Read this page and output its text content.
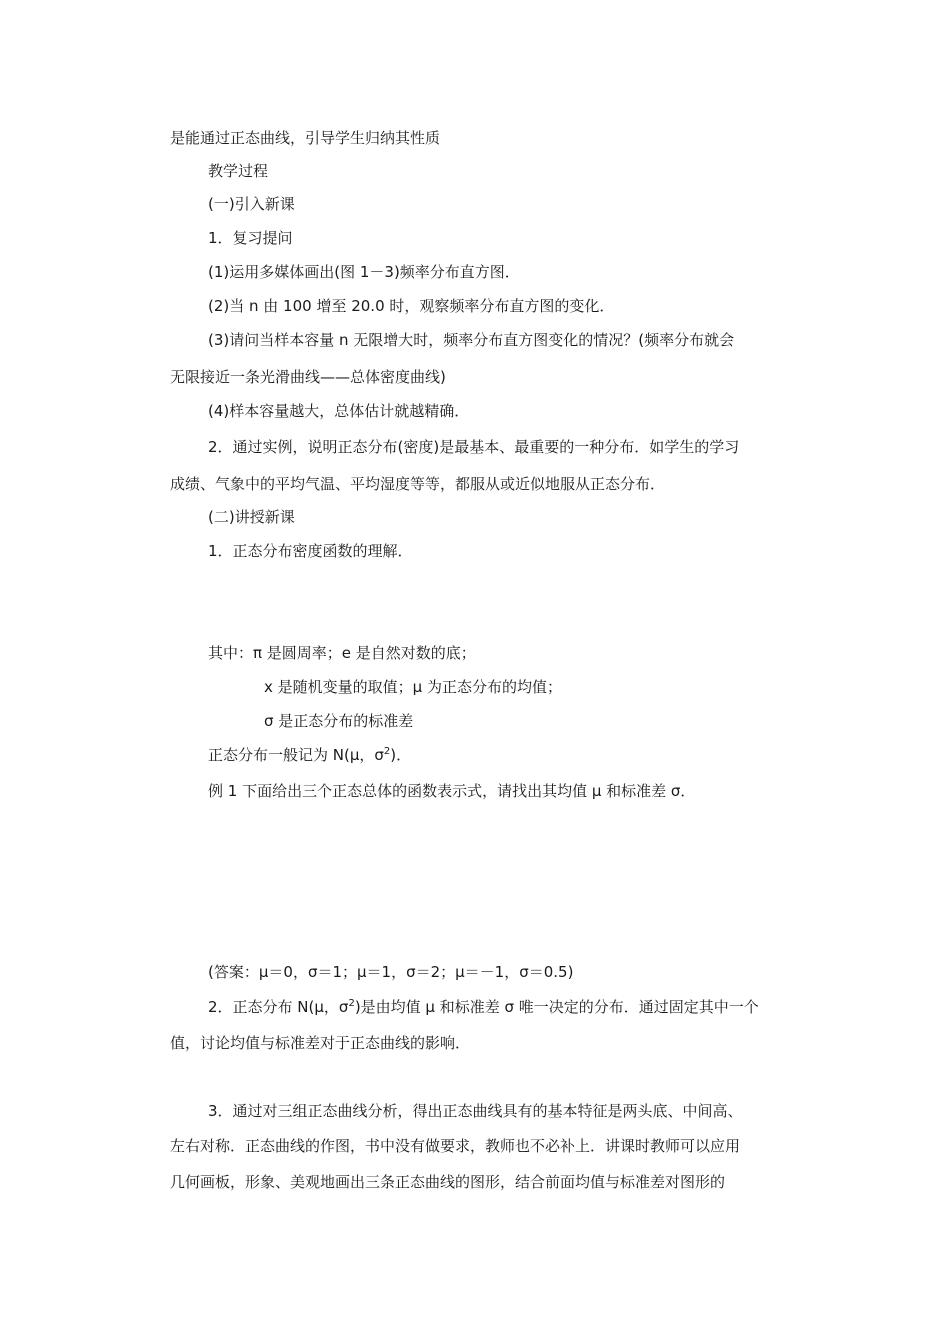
是能通过正态曲线，引导学生归纳其性质
教学过程
(一)引入新课
1．复习提问
(1)运用多媒体画出(图 1－3)频率分布直方图．
(2)当 n 由 100 增至 20.0 时，观察频率分布直方图的变化．
(3)请问当样本容量 n 无限增大时，频率分布直方图变化的情况？(频率分布就会
无限接近一条光滑曲线——总体密度曲线)
(4)样本容量越大，总体估计就越精确．
2．通过实例，说明正态分布(密度)是最基本、最重要的一种分布．如学生的学习
成绩、气象中的平均气温、平均湿度等等，都服从或近似地服从正态分布．
(二)讲授新课
1．正态分布密度函数的理解．
其中：π 是圆周率；e 是自然对数的底；
x 是随机变量的取值；μ 为正态分布的均值；
σ 是正态分布的标准差
正态分布一般记为 N(μ，$\sigma^2$)．
例 1 下面给出三个正态总体的函数表示式，请找出其均值 μ 和标准差 σ．
(答案：μ＝0，σ＝1；μ＝1，σ＝2；μ＝－1，σ＝0.5)
2．正态分布 N(μ，$\sigma^2$)是由均值 μ 和标准差 σ 唯一决定的分布．通过固定其中一个
值，讨论均值与标准差对于正态曲线的影响．
3．通过对三组正态曲线分析，得出正态曲线具有的基本特征是两头底、中间高、
左右对称．正态曲线的作图，书中没有做要求，教师也不必补上．讲课时教师可以应用
几何画板，形象、美观地画出三条正态曲线的图形，结合前面均值与标准差对图形的
